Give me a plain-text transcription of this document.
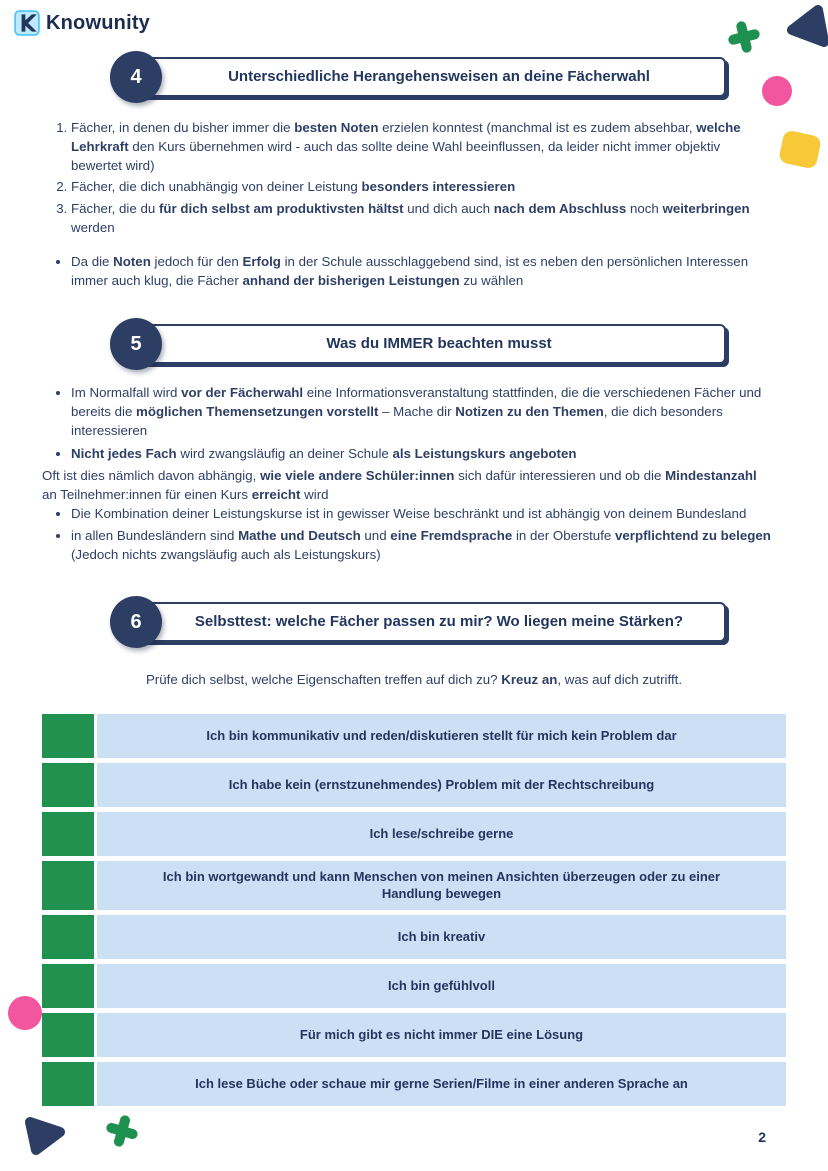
Knowunity
4	Unterschiedliche Herangehensweisen an deine Fächerwahl
1. Fächer, in denen du bisher immer die besten Noten erzielen konntest (manchmal ist es zudem absehbar, welche Lehrkraft den Kurs übernehmen wird - auch das sollte deine Wahl beeinflussen, da leider nicht immer objektiv bewertet wird)
2. Fächer, die dich unabhängig von deiner Leistung besonders interessieren
3. Fächer, die du für dich selbst am produktivsten hältst und dich auch nach dem Abschluss noch weiterbringen werden
• Da die Noten jedoch für den Erfolg in der Schule ausschlaggebend sind, ist es neben den persönlichen Interessen immer auch klug, die Fächer anhand der bisherigen Leistungen zu wählen
5	Was du IMMER beachten musst
• Im Normalfall wird vor der Fächerwahl eine Informationsveranstaltung stattfinden, die die verschiedenen Fächer und bereits die möglichen Themensetzungen vorstellt – Mache dir Notizen zu den Themen, die dich besonders interessieren
• Nicht jedes Fach wird zwangsläufig an deiner Schule als Leistungskurs angeboten

Oft ist dies nämlich davon abhängig, wie viele andere Schüler:innen sich dafür interessieren und ob die Mindestanzahl an Teilnehmer:innen für einen Kurs erreicht wird

• Die Kombination deiner Leistungskurse ist in gewisser Weise beschränkt und ist abhängig von deinem Bundesland
• in allen Bundesländern sind Mathe und Deutsch und eine Fremdsprache in der Oberstufe verpflichtend zu belegen (Jedoch nichts zwangsläufig auch als Leistungskurs)
6	Selbsttest: welche Fächer passen zu mir? Wo liegen meine Stärken?

Prüfe dich selbst, welche Eigenschaften treffen auf dich zu? Kreuz an, was auf dich zutrifft.

Ich bin kommunikativ und reden/diskutieren stellt für mich kein Problem dar
Ich habe kein (ernstzunehmendes) Problem mit der Rechtschreibung
Ich lese/schreibe gerne
Ich bin wortgewandt und kann Menschen von meinen Ansichten überzeugen oder zu einer Handlung bewegen
Ich bin kreativ
Ich bin gefühlvoll
Für mich gibt es nicht immer DIE eine Lösung
Ich lese Büche oder schaue mir gerne Serien/Filme in einer anderen Sprache an
2
